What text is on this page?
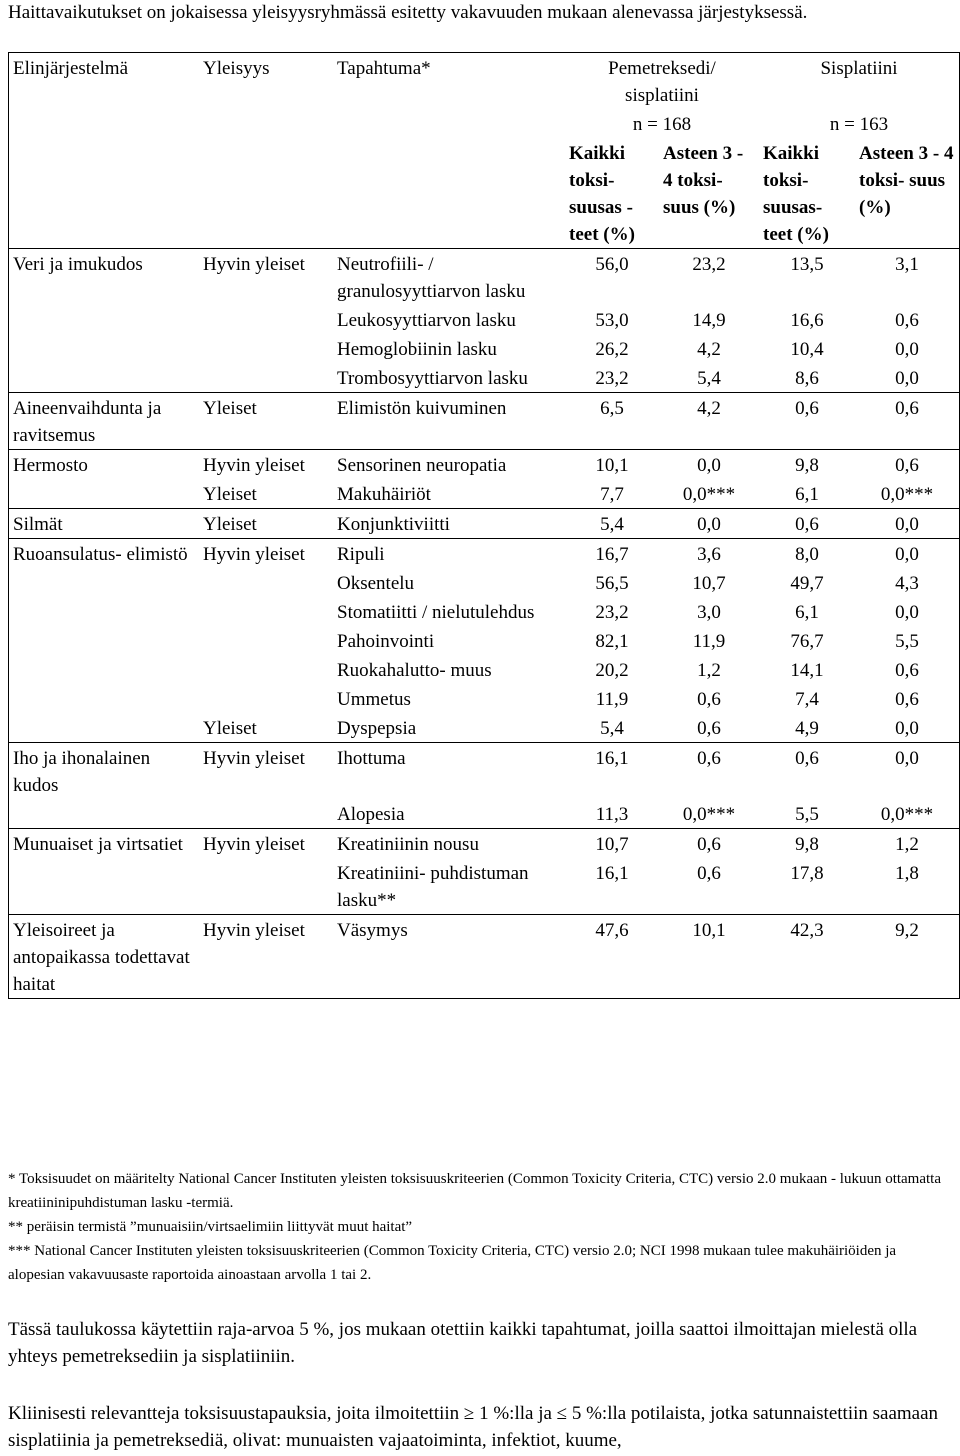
Haittavaikutukset on jokaisessa yleisyysryhmässä esitetty vakavuuden mukaan alenevassa järjestyksessä.
Elinjärjestelmä	Yleisyys	Tapahtuma*	Pemetreksedi/ sisplatiini		Sisplatiini	
			n = 168		n = 163	
			Kaikki toksi- suusas -teet (%)	Asteen 3 - 4 toksi- suus (%)	Kaikki toksi- suusas- teet (%)	Asteen 3 - 4 toksi- suus (%)
Veri ja imukudos	Hyvin yleiset	Neutrofiili- / granulosyyttiarvon lasku	56,0	23,2	13,5	3,1
		Leukosyyttiarvon lasku	53,0	14,9	16,6	0,6
		Hemoglobiinin lasku	26,2	4,2	10,4	0,0
		Trombosyyttiarvon lasku	23,2	5,4	8,6	0,0
Aineenvaihdunta ja ravitsemus	Yleiset	Elimistön kuivuminen	6,5	4,2	0,6	0,6
Hermosto	Hyvin yleiset	Sensorinen neuropatia	10,1	0,0	9,8	0,6
	Yleiset	Makuhäiriöt	7,7	0,0***	6,1	0,0***
Silmät	Yleiset	Konjunktiviitti	5,4	0,0	0,6	0,0
Ruoansulatus- elimistö	Hyvin yleiset	Ripuli	16,7	3,6	8,0	0,0
		Oksentelu	56,5	10,7	49,7	4,3
		Stomatiitti / nielutulehdus	23,2	3,0	6,1	0,0
		Pahoinvointi	82,1	11,9	76,7	5,5
		Ruokahalutto- muus	20,2	1,2	14,1	0,6
		Ummetus	11,9	0,6	7,4	0,6
	Yleiset	Dyspepsia	5,4	0,6	4,9	0,0
Iho ja ihonalainen kudos	Hyvin yleiset	Ihottuma	16,1	0,6	0,6	0,0
		Alopesia	11,3	0,0***	5,5	0,0***
Munuaiset ja virtsatiet	Hyvin yleiset	Kreatiniinin nousu	10,7	0,6	9,8	1,2
		Kreatiniini- puhdistuman lasku**	16,1	0,6	17,8	1,8
Yleisoireet ja antopaikassa todettavat haitat	Hyvin yleiset	Väsymys	47,6	10,1	42,3	9,2
* Toksisuudet on määritelty National Cancer Instituten yleisten toksisuuskriteerien (Common Toxicity Criteria, CTC) versio 2.0 mukaan - lukuun ottamatta kreatiininipuhdistuman lasku -termiä.
** peräisin termistä ”munuaisiin/virtsaelimiin liittyvät muut haitat”
*** National Cancer Instituten yleisten toksisuuskriteerien (Common Toxicity Criteria, CTC) versio 2.0; NCI 1998 mukaan tulee makuhäiriöiden ja alopesian vakavuusaste raportoida ainoastaan arvolla 1 tai 2.
Tässä taulukossa käytettiin raja-arvoa 5 %, jos mukaan otettiin kaikki tapahtumat, joilla saattoi ilmoittajan mielestä olla yhteys pemetreksediin ja sisplatiiniin.
Kliinisesti relevantteja toksisuustapauksia, joita ilmoitettiin ≥ 1 %:lla ja ≤ 5 %:lla potilaista, jotka satunnaistettiin saamaan sisplatiinia ja pemetreksediä, olivat: munuaisten vajaatoiminta, infektiot, kuume,
